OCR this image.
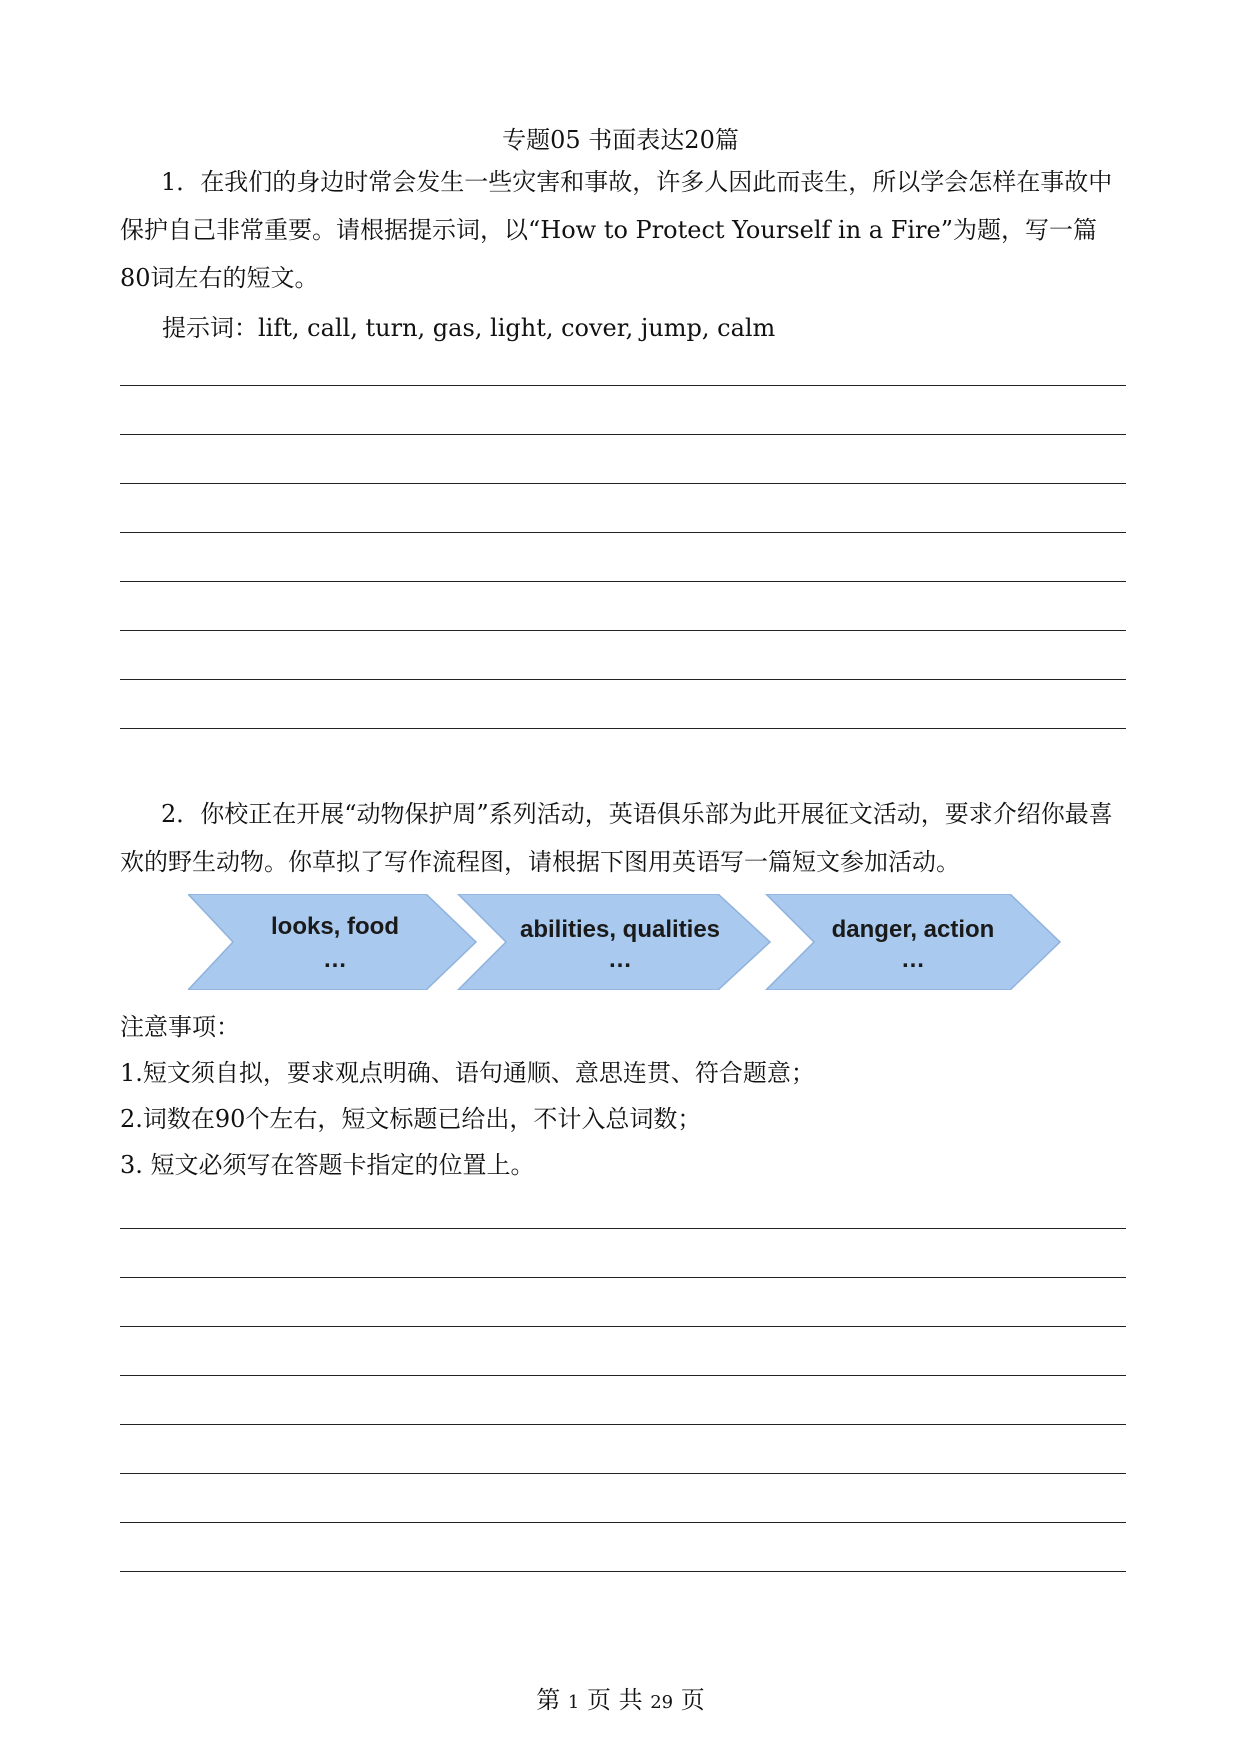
专题05 书面表达20篇

1．在我们的身边时常会发生一些灾害和事故，许多人因此而丧生，所以学会怎样在事故中保护自己非常重要。请根据提示词，以“How to Protect Yourself in a Fire”为题，写一篇80词左右的短文。

提示词：lift, call, turn, gas, light, cover, jump, calm

2．你校正在开展“动物保护周”系列活动，英语俱乐部为此开展征文活动，要求介绍你最喜欢的野生动物。你草拟了写作流程图，请根据下图用英语写一篇短文参加活动。

looks, food
…
abilities, qualities
…
danger, action
…
注意事项：
1.短文须自拟，要求观点明确、语句通顺、意思连贯、符合题意；
2.词数在90个左右，短文标题已给出，不计入总词数；
3. 短文必须写在答题卡指定的位置上。
第 1 页 共 29 页
